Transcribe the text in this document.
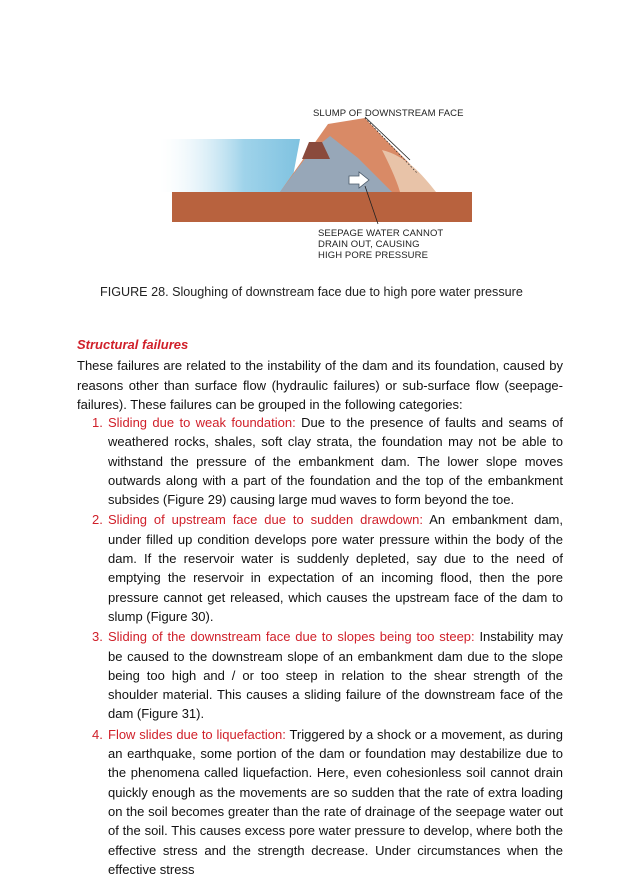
SLUMP OF DOWNSTREAM FACE
SEEPAGE WATER CANNOT
DRAIN OUT, CAUSING
HIGH PORE PRESSURE
FIGURE 28. Sloughing of downstream face due to high pore water pressure
Structural failures
These failures are related to the instability of the dam and its foundation, caused by reasons other than surface flow (hydraulic failures) or sub-surface flow (seepage-failures). These failures can be grouped in the following categories:
1. Sliding due to weak foundation: Due to the presence of faults and seams of weathered rocks, shales, soft clay strata, the foundation may not be able to withstand the pressure of the embankment dam. The lower slope moves outwards along with a part of the foundation and the top of the embankment subsides (Figure 29) causing large mud waves to form beyond the toe.
2. Sliding of upstream face due to sudden drawdown: An embankment dam, under filled up condition develops pore water pressure within the body of the dam. If the reservoir water is suddenly depleted, say due to the need of emptying the reservoir in expectation of an incoming flood, then the pore pressure cannot get released, which causes the upstream face of the dam to slump (Figure 30).
3. Sliding of the downstream face due to slopes being too steep: Instability may be caused to the downstream slope of an embankment dam due to the slope being too high and / or too steep in relation to the shear strength of the shoulder material. This causes a sliding failure of the downstream face of the dam (Figure 31).
4. Flow slides due to liquefaction: Triggered by a shock or a movement, as during an earthquake, some portion of the dam or foundation may destabilize due to the phenomena called liquefaction. Here, even cohesionless soil cannot drain quickly enough as the movements are so sudden that the rate of extra loading on the soil becomes greater than the rate of drainage of the seepage water out of the soil. This causes excess pore water pressure to develop, where both the effective stress and the strength decrease. Under circumstances when the effective stress
